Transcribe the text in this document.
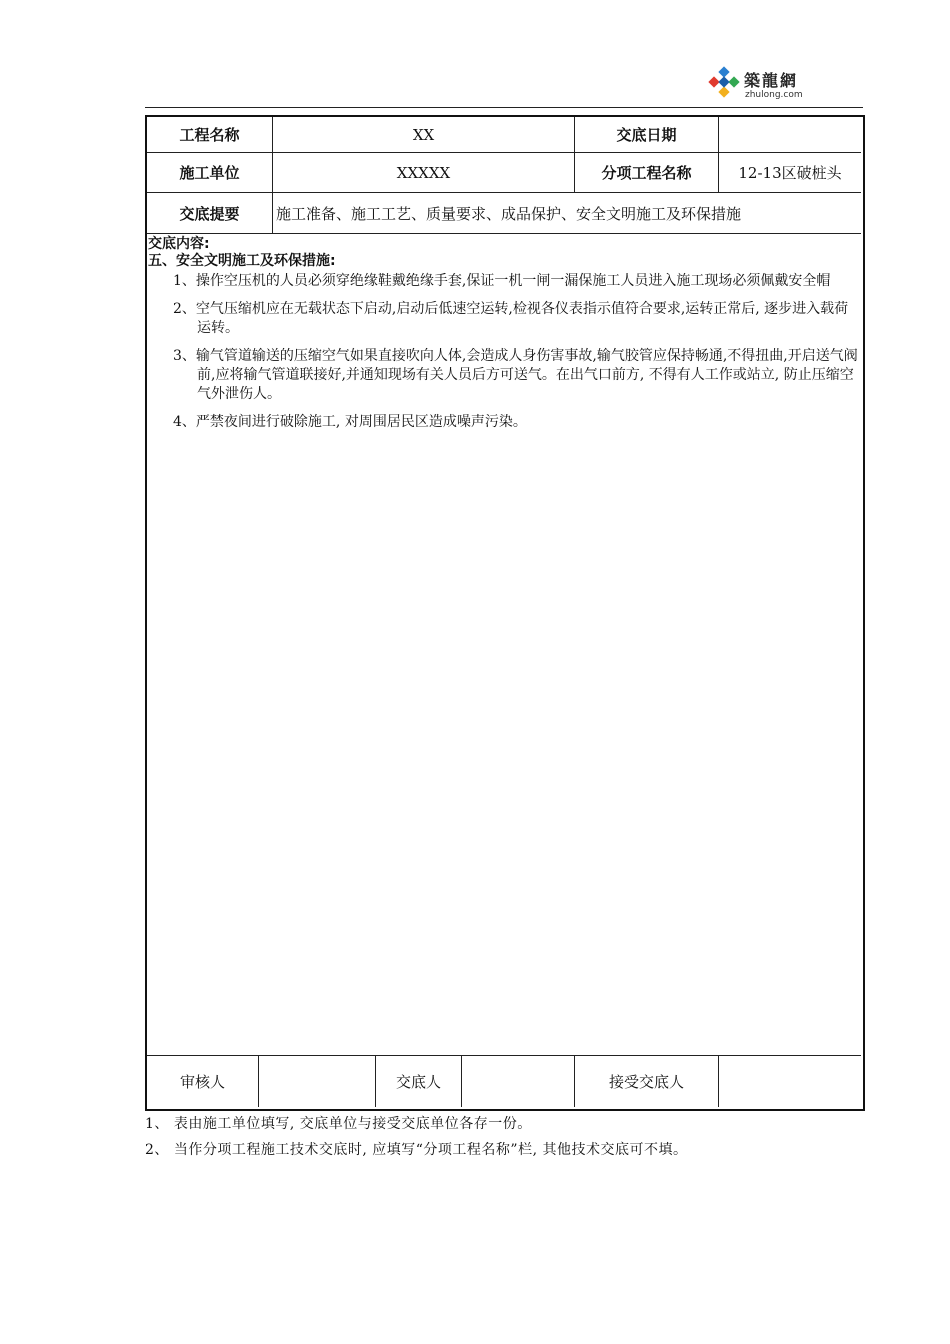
築龍網
zhulong.com
工程名称	XX	交底日期
施工单位	XXXXX	分项工程名称	12-13区破桩头
交底提要	施工准备、施工工艺、质量要求、成品保护、安全文明施工及环保措施
交底内容:
五、安全文明施工及环保措施:
1、操作空压机的人员必须穿绝缘鞋戴绝缘手套,保证一机一闸一漏保施工人员进入施工现场必须佩戴安全帽
2、空气压缩机应在无载状态下启动,启动后低速空运转,检视各仪表指示值符合要求,运转正常后, 逐步进入载荷运转。
3、输气管道输送的压缩空气如果直接吹向人体,会造成人身伤害事故,输气胶管应保持畅通,不得扭曲,开启送气阀前,应将输气管道联接好,并通知现场有关人员后方可送气。在出气口前方, 不得有人工作或站立, 防止压缩空气外泄伤人。
4、严禁夜间进行破除施工, 对周围居民区造成噪声污染。
审核人	交底人	接受交底人
1、 表由施工单位填写, 交底单位与接受交底单位各存一份。
2、 当作分项工程施工技术交底时, 应填写“分项工程名称”栏, 其他技术交底可不填。
